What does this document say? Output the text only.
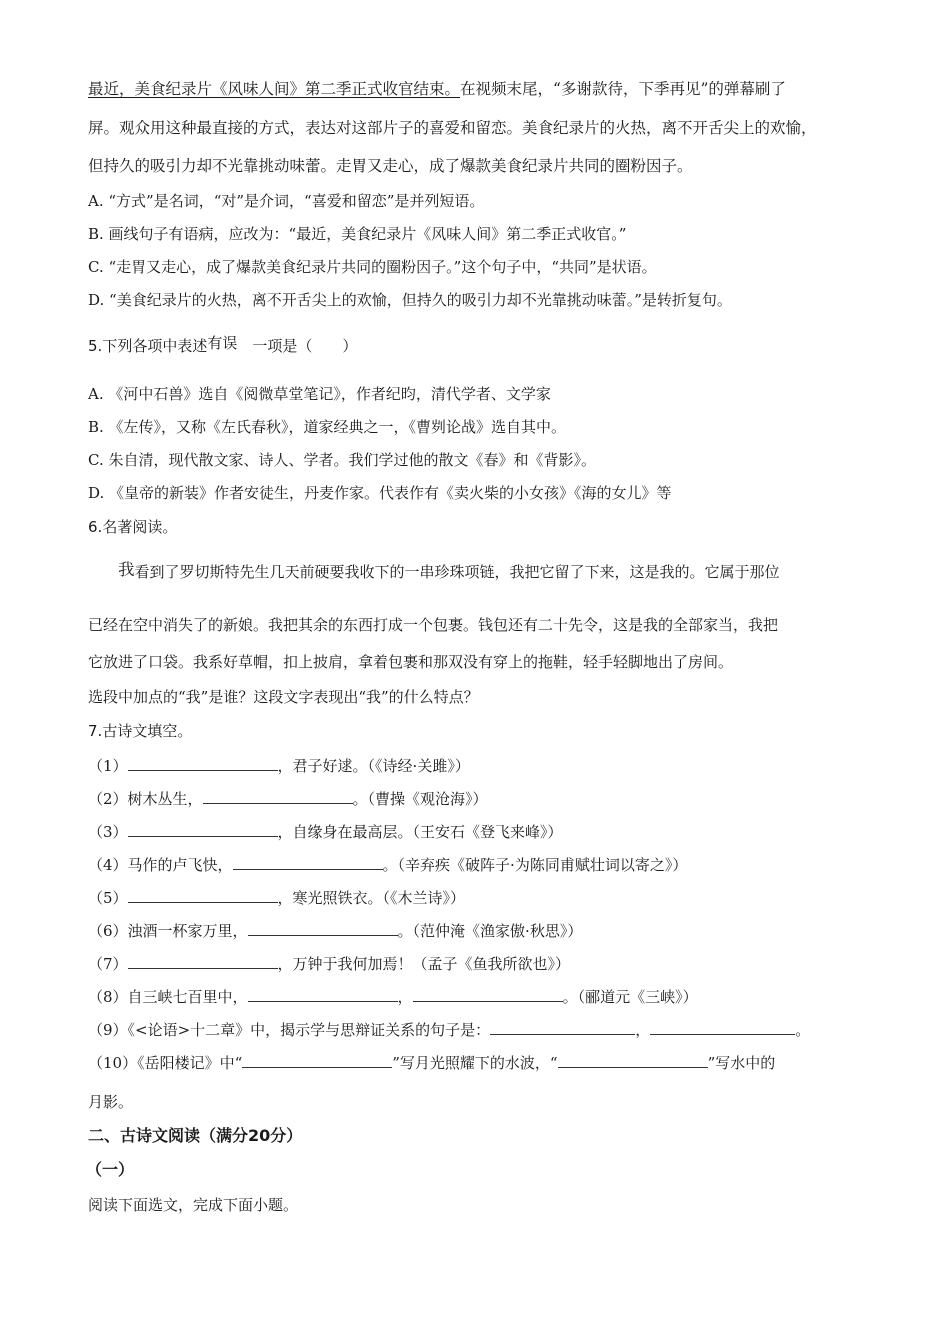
最近，美食纪录片《风味人间》第二季正式收官结束。在视频末尾，“多谢款待，下季再见”的弹幕刷了
屏。观众用这种最直接的方式，表达对这部片子的喜爱和留恋。美食纪录片的火热，离不开舌尖上的欢愉，
但持久的吸引力却不光靠挑动味蕾。走胃又走心，成了爆款美食纪录片共同的圈粉因子。
A. “方式”是名词，“对”是介词，“喜爱和留恋”是并列短语。
B. 画线句子有语病，应改为：“最近，美食纪录片《风味人间》第二季正式收官。”
C. “走胃又走心，成了爆款美食纪录片共同的圈粉因子。”这个句子中，“共同”是状语。
D. “美食纪录片的火热，离不开舌尖上的欢愉，但持久的吸引力却不光靠挑动味蕾。”是转折复句。
5.下列各项中表述有误   一项是（　　）
A. 《河中石兽》选自《阅微草堂笔记》，作者纪昀，清代学者、文学家
B. 《左传》，又称《左氏春秋》，道家经典之一，《曹刿论战》选自其中。
C. 朱自清，现代散文家、诗人、学者。我们学过他的散文《春》和《背影》。
D. 《皇帝的新装》作者安徒生，丹麦作家。代表作有《卖火柴的小女孩》《海的女儿》等
6.名著阅读。
我看到了罗切斯特先生几天前硬要我收下的一串珍珠项链，我把它留了下来，这是我的。它属于那位
已经在空中消失了的新娘。我把其余的东西打成一个包裹。钱包还有二十先令，这是我的全部家当，我把
它放进了口袋。我系好草帽，扣上披肩，拿着包裹和那双没有穿上的拖鞋，轻手轻脚地出了房间。
选段中加点的“我”是谁？这段文字表现出“我”的什么特点？
7.古诗文填空。
（1）	，君子好逑。（《诗经·关雎》）
（2）树木丛生，	。（曹操《观沧海》）
（3）	，自缘身在最高层。（王安石《登飞来峰》）
（4）马作的卢飞快，	。（辛弃疾《破阵子·为陈同甫赋壮词以寄之》）
（5）	，寒光照铁衣。（《木兰诗》）
（6）浊酒一杯家万里，	。（范仲淹《渔家傲·秋思》）
（7）	，万钟于我何加焉！（孟子《鱼我所欲也》）
（8）自三峡七百里中，	，	。（郦道元《三峡》）
（9）《<论语>十二章》中，揭示学与思辩证关系的句子是：	，	。
（10）《岳阳楼记》中“	”写月光照耀下的水波，“	”写水中的
月影。
二、古诗文阅读（满分20分）
（一）
阅读下面选文，完成下面小题。
